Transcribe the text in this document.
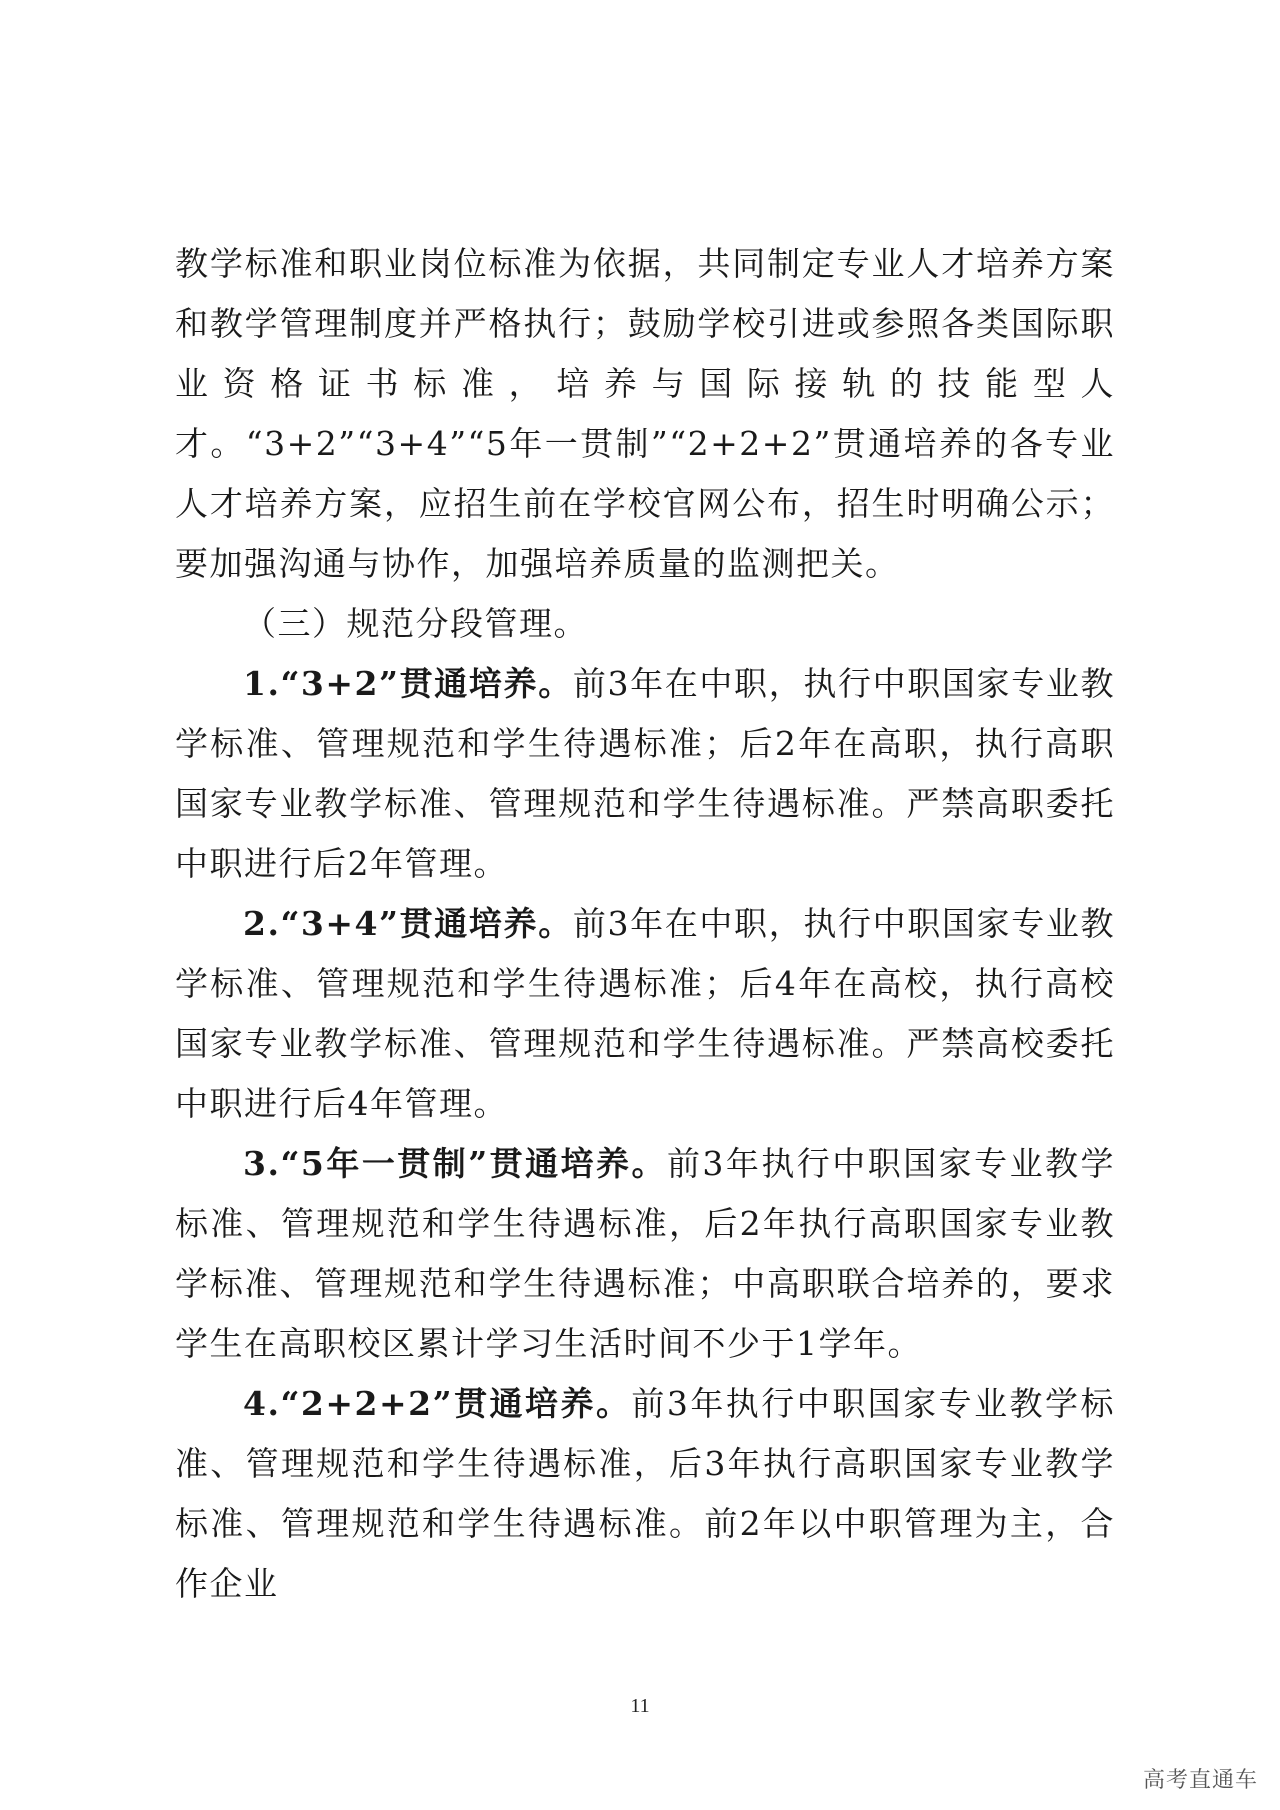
教学标准和职业岗位标准为依据，共同制定专业人才培养方案和教学管理制度并严格执行；鼓励学校引进或参照各类国际职业资格证书标准，培养与国际接轨的技能型人才。“3+2”“3+4”“5年一贯制”“2+2+2”贯通培养的各专业人才培养方案，应招生前在学校官网公布，招生时明确公示；要加强沟通与协作，加强培养质量的监测把关。

（三）规范分段管理。

1.“3+2”贯通培养。前3年在中职，执行中职国家专业教学标准、管理规范和学生待遇标准；后2年在高职，执行高职国家专业教学标准、管理规范和学生待遇标准。严禁高职委托中职进行后2年管理。

2.“3+4”贯通培养。前3年在中职，执行中职国家专业教学标准、管理规范和学生待遇标准；后4年在高校，执行高校国家专业教学标准、管理规范和学生待遇标准。严禁高校委托中职进行后4年管理。

3.“5年一贯制”贯通培养。前3年执行中职国家专业教学标准、管理规范和学生待遇标准，后2年执行高职国家专业教学标准、管理规范和学生待遇标准；中高职联合培养的，要求学生在高职校区累计学习生活时间不少于1学年。

4.“2+2+2”贯通培养。前3年执行中职国家专业教学标准、管理规范和学生待遇标准，后3年执行高职国家专业教学标准、管理规范和学生待遇标准。前2年以中职管理为主，合作企业

11
高考直通车
